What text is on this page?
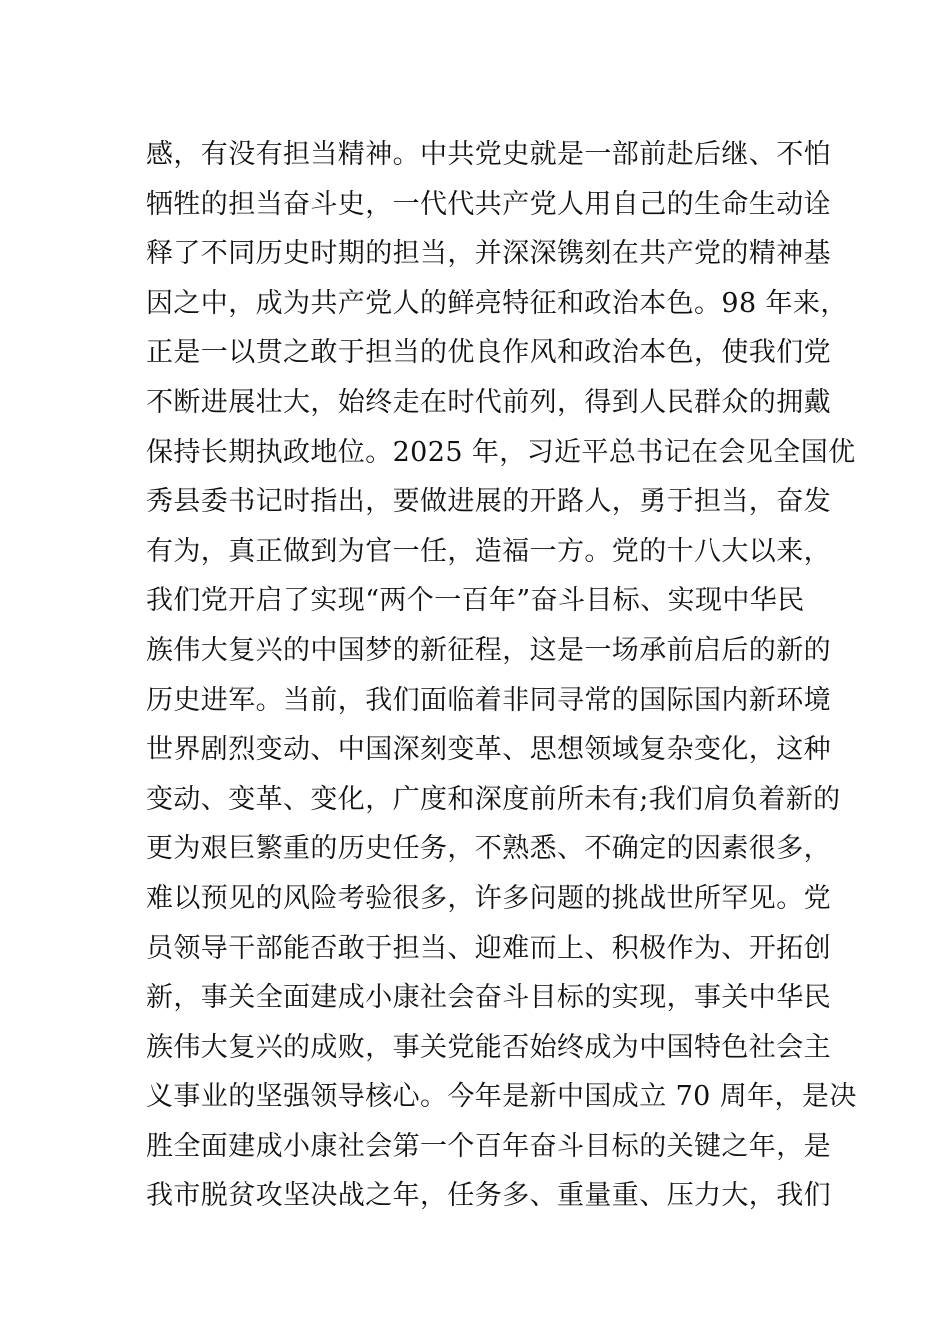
感，有没有担当精神。中共党史就是一部前赴后继、不怕
牺牲的担当奋斗史，一代代共产党人用自己的生命生动诠
释了不同历史时期的担当，并深深镌刻在共产党的精神基
因之中，成为共产党人的鲜亮特征和政治本色。98 年来，
正是一以贯之敢于担当的优良作风和政治本色，使我们党
不断进展壮大，始终走在时代前列，得到人民群众的拥戴
保持长期执政地位。2025 年，习近平总书记在会见全国优
秀县委书记时指出，要做进展的开路人，勇于担当，奋发
有为，真正做到为官一任，造福一方。党的十八大以来，
我们党开启了实现“两个一百年”奋斗目标、实现中华民
族伟大复兴的中国梦的新征程，这是一场承前启后的新的
历史进军。当前，我们面临着非同寻常的国际国内新环境
世界剧烈变动、中国深刻变革、思想领域复杂变化，这种
变动、变革、变化，广度和深度前所未有;我们肩负着新的
更为艰巨繁重的历史任务，不熟悉、不确定的因素很多，
难以预见的风险考验很多，许多问题的挑战世所罕见。党
员领导干部能否敢于担当、迎难而上、积极作为、开拓创
新，事关全面建成小康社会奋斗目标的实现，事关中华民
族伟大复兴的成败，事关党能否始终成为中国特色社会主
义事业的坚强领导核心。今年是新中国成立 70 周年，是决
胜全面建成小康社会第一个百年奋斗目标的关键之年，是
我市脱贫攻坚决战之年，任务多、重量重、压力大，我们
